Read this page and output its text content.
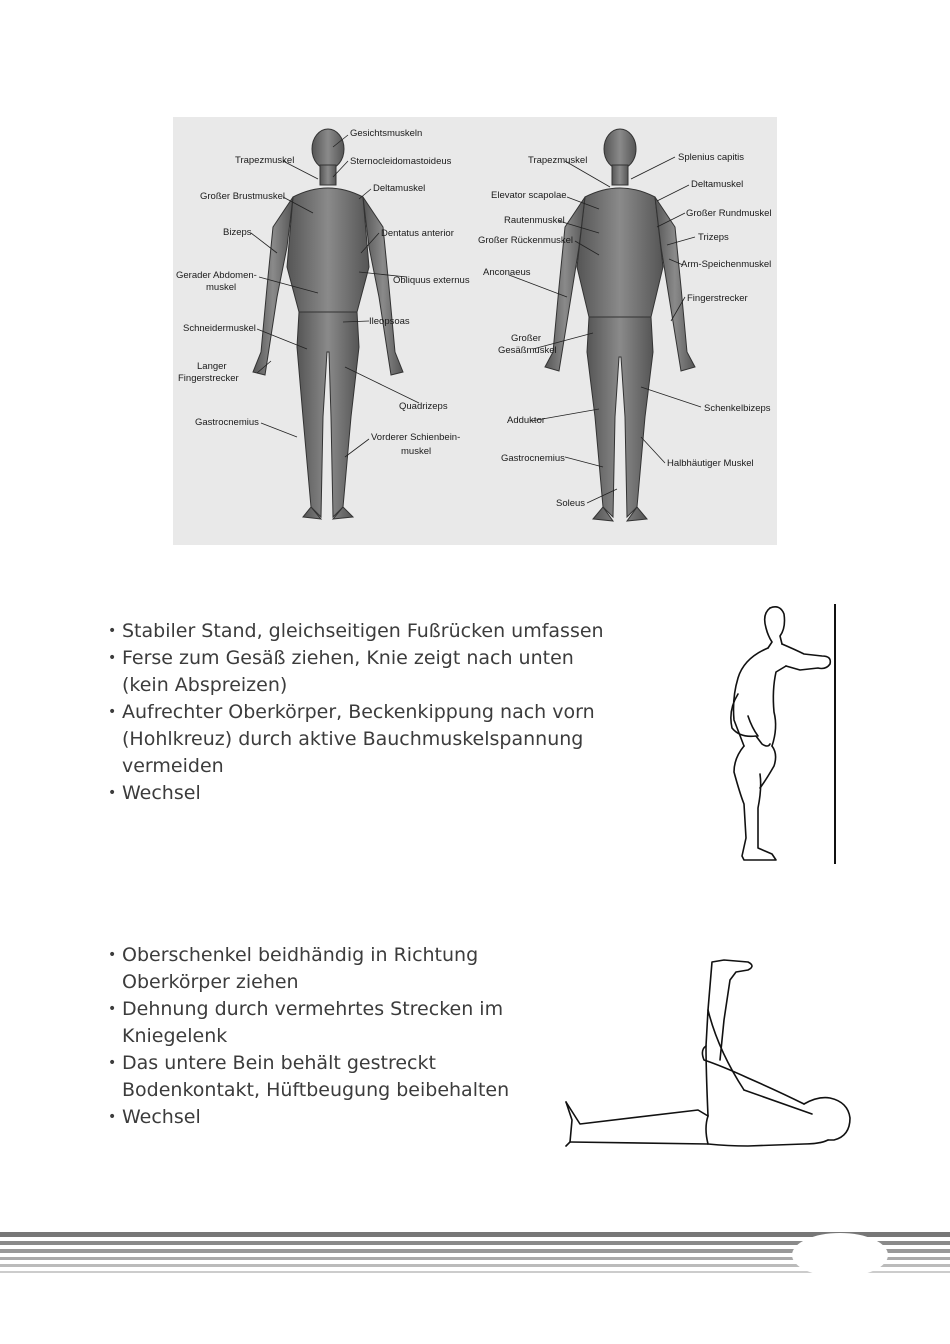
Gesichtsmuskeln
Trapezmuskel	Sternocleidomastoideus
Deltamuskel
Großer Brustmuskel
Bizeps	Dentatus anterior
Gerader Abdomen-
muskel
Obliquus externus
Ileopsoas
Schneidermuskel
Langer
Fingerstrecker
Quadrizeps
Gastrocnemius
Vorderer Schienbein-
muskel
Trapezmuskel	Splenius capitis
Deltamuskel
Elevator scapolae
Großer Rundmuskel
Rautenmuskel
Trizeps
Großer Rückenmuskel
Arm-Speichenmuskel
Anconaeus
Fingerstrecker
Großer
Gesäßmuskel
Schenkelbizeps
Adduktor
Gastrocnemius	Halbhäutiger Muskel
Soleus
• Stabiler Stand, gleichseitigen Fußrücken umfassen
• Ferse zum Gesäß ziehen, Knie zeigt nach unten (kein Abspreizen)
• Aufrechter Oberkörper, Beckenkippung nach vorn (Hohlkreuz) durch aktive Bauchmuskelspannung vermeiden
• Wechsel
• Oberschenkel beidhändig in Richtung Oberkörper ziehen
• Dehnung durch vermehrtes Strecken im Kniegelenk
• Das untere Bein behält gestreckt Bodenkontakt, Hüftbeugung beibehalten
• Wechsel
